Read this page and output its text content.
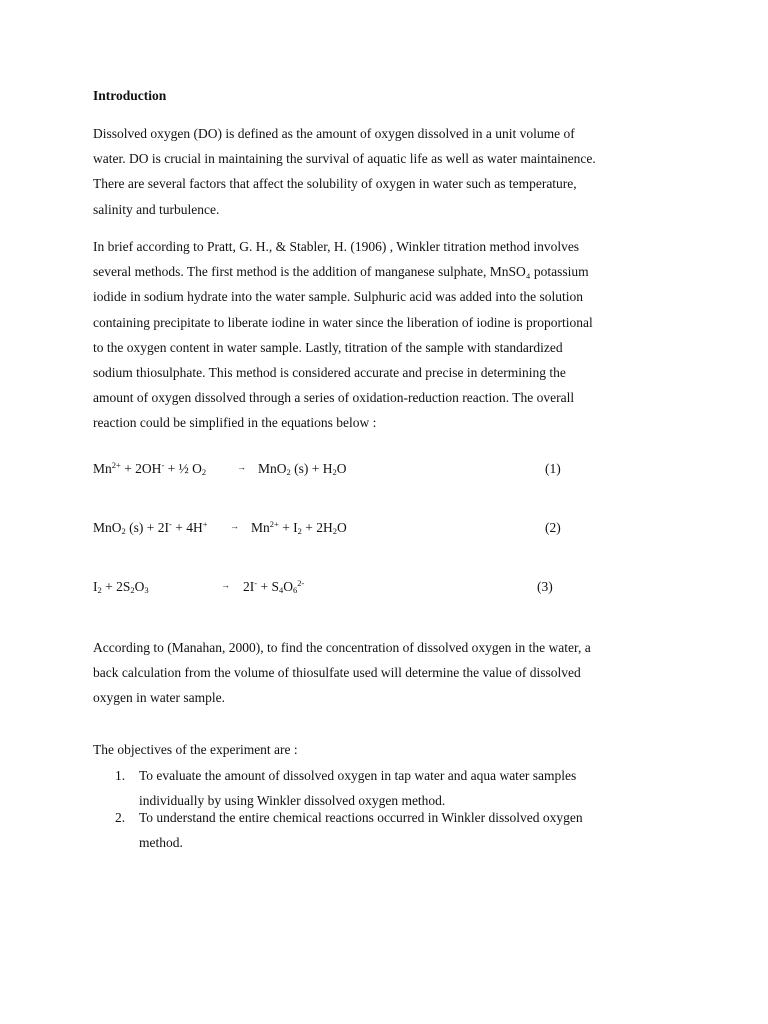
Introduction
Dissolved oxygen (DO) is defined as the amount of oxygen dissolved in a unit volume of
water. DO is crucial in maintaining the survival of aquatic life as well as water maintainence.
There are several factors that affect the solubility of oxygen in water such as temperature,
salinity and turbulence.
In brief according to Pratt, G. H., & Stabler, H. (1906) , Winkler titration method involves
several methods. The first method is the addition of manganese sulphate, MnSO₄ potassium
iodide in sodium hydrate into the water sample. Sulphuric acid was added into the solution
containing precipitate to liberate iodine in water since the liberation of iodine is proportional
to the oxygen content in water sample. Lastly, titration of the sample with standardized
sodium thiosulphate. This method is considered accurate and precise in determining the
amount of oxygen dissolved through a series of oxidation-reduction reaction. The overall
reaction could be simplified in the equations below :
$Mn^{2+} + 2OH^-$ + ½ $O_2$	→ MnO$_2$ $(s) + H_2O$	(1)
MnO$_2$ $(s) + 2I^- + 4H^+ \to Mn^{2+} + I_2 + 2H_2O$	(2)
$I_2 + 2S_2O_3$	→ $2I^- + S_4O_6^{2-}$	(3)
According to (Manahan, 2000), to find the concentration of dissolved oxygen in the water, a
back calculation from the volume of thiosulfate used will determine the value of dissolved
oxygen in water sample.
The objectives of the experiment are :
1. To evaluate the amount of dissolved oxygen in tap water and aqua water samples
individually by using Winkler dissolved oxygen method.
2. To understand the entire chemical reactions occurred in Winkler dissolved oxygen
method.
